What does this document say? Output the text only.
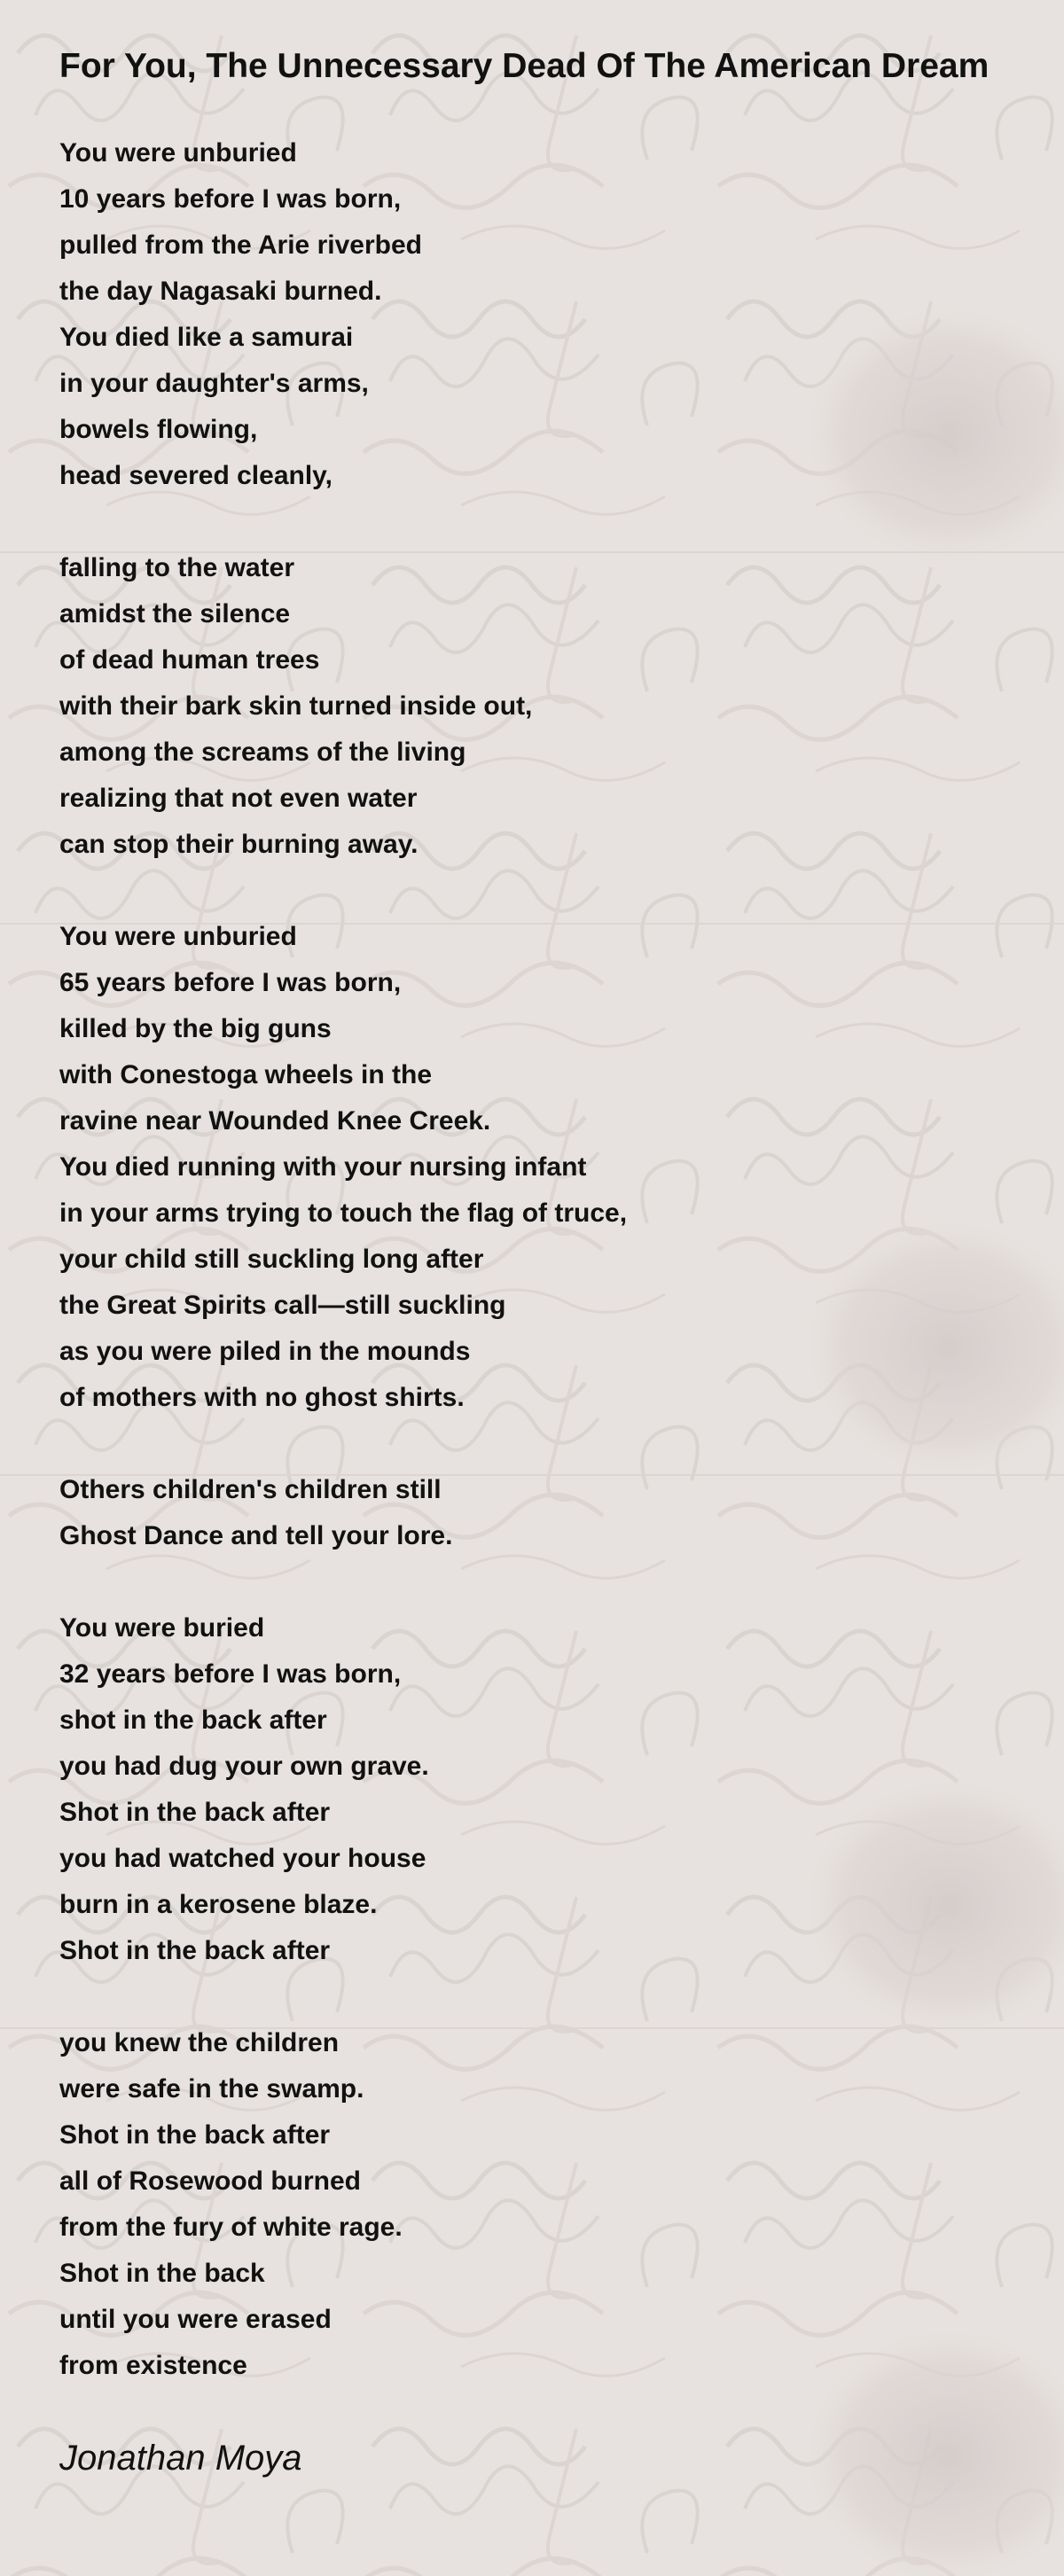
For You, The Unnecessary Dead Of The American Dream
You were unburied
10 years before I was born,
pulled from the Arie riverbed
the day Nagasaki burned.
You died like a samurai
in your daughter's arms,
bowels flowing,
head severed cleanly,
falling to the water
amidst the silence
of dead human trees
with their bark skin turned inside out,
among the screams of the living
realizing that not even water
can stop their burning away.
You were unburied
65 years before I was born,
killed by the big guns
with Conestoga wheels in the
ravine near Wounded Knee Creek.
You died running with your nursing infant
in your arms trying to touch the flag of truce,
your child still suckling long after
the Great Spirits call—still suckling
as you were piled in the mounds
of mothers with no ghost shirts.
Others children's children still
Ghost Dance and tell your lore.
You were buried
32 years before I was born,
shot in the back after
you had dug your own grave.
Shot in the back after
you had watched your house
burn in a kerosene blaze.
Shot in the back after
you knew the children
were safe in the swamp.
Shot in the back after
all of Rosewood burned
from the fury of white rage.
Shot in the back
until you were erased
from existence
Jonathan Moya
